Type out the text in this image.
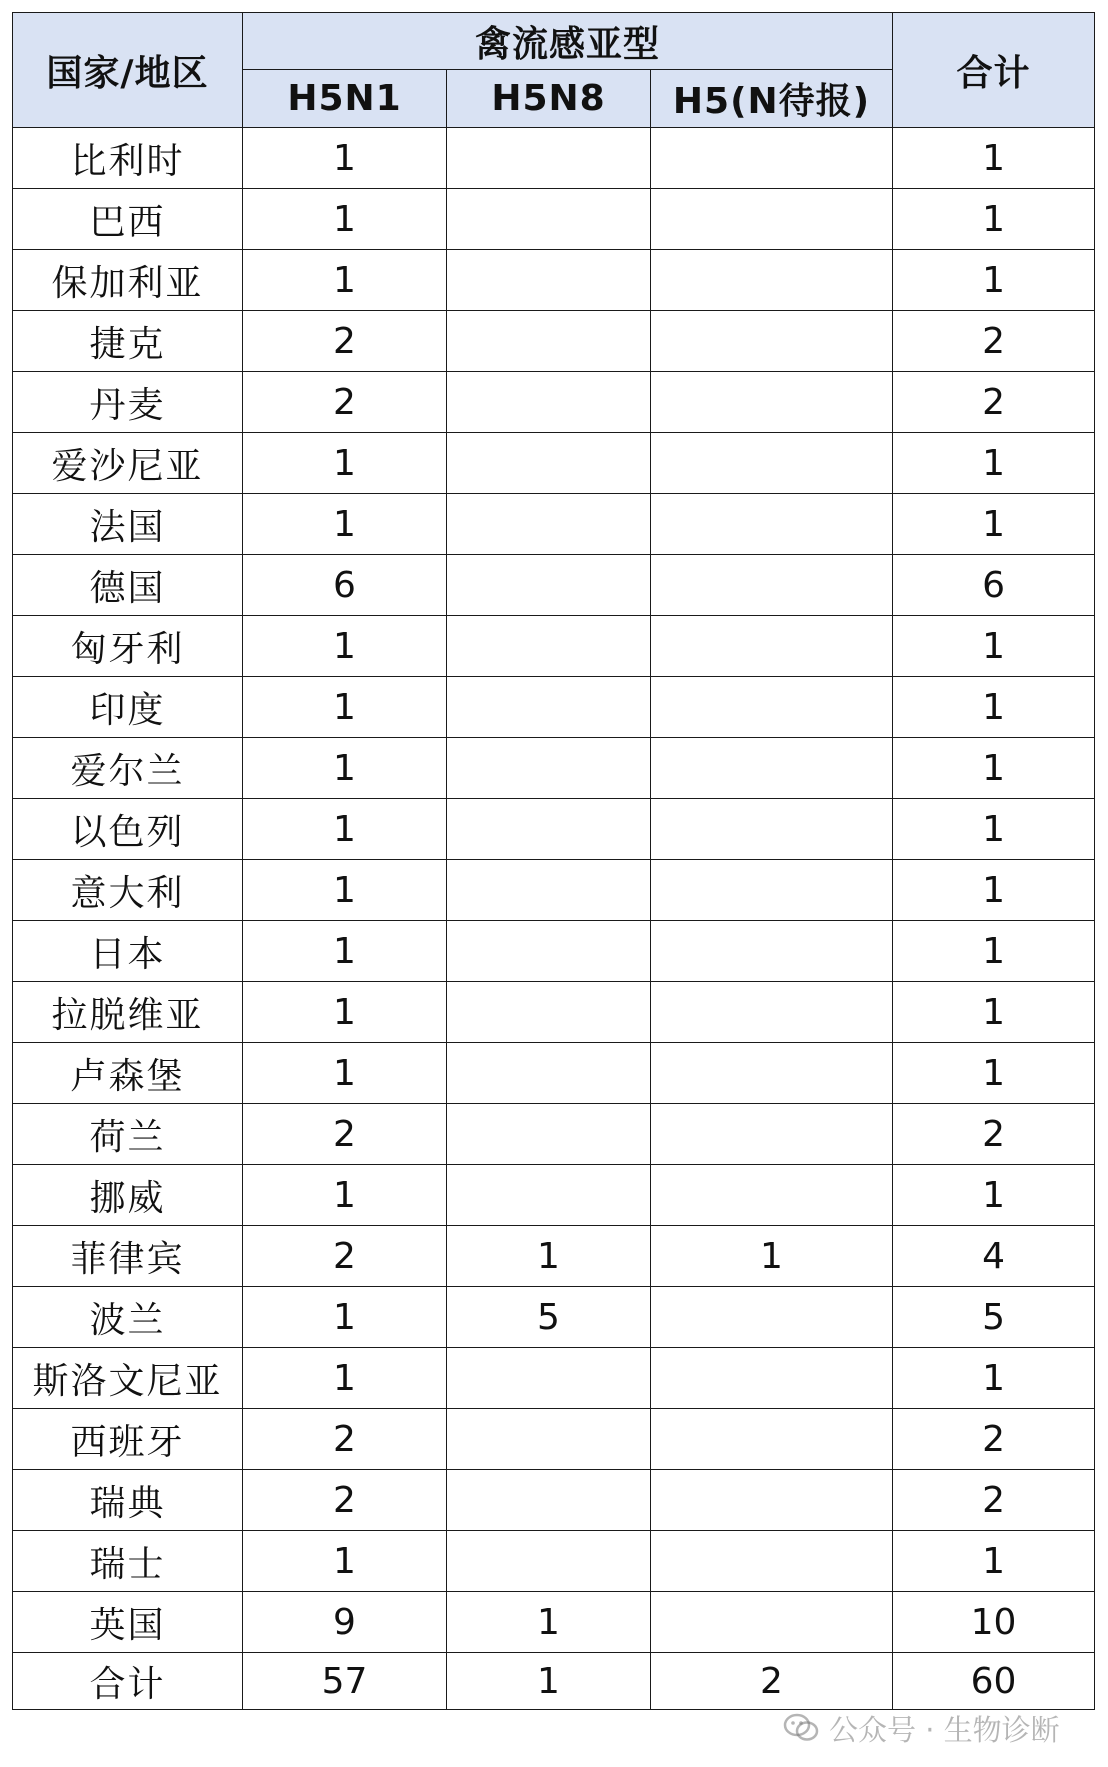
国家/地区	禽流感亚型			合计
	H5N1	H5N8	H5(N待报)	
比利时	1			1
巴西	1			1
保加利亚	1			1
捷克	2			2
丹麦	2			2
爱沙尼亚	1			1
法国	1			1
德国	6			6
匈牙利	1			1
印度	1			1
爱尔兰	1			1
以色列	1			1
意大利	1			1
日本	1			1
拉脱维亚	1			1
卢森堡	1			1
荷兰	2			2
挪威	1			1
菲律宾	2	1	1	4
波兰	1	5		5
斯洛文尼亚	1			1
西班牙	2			2
瑞典	2			2
瑞士	1			1
英国	9	1		10
合计	57	1	2	60
公众号 · 生物诊断
